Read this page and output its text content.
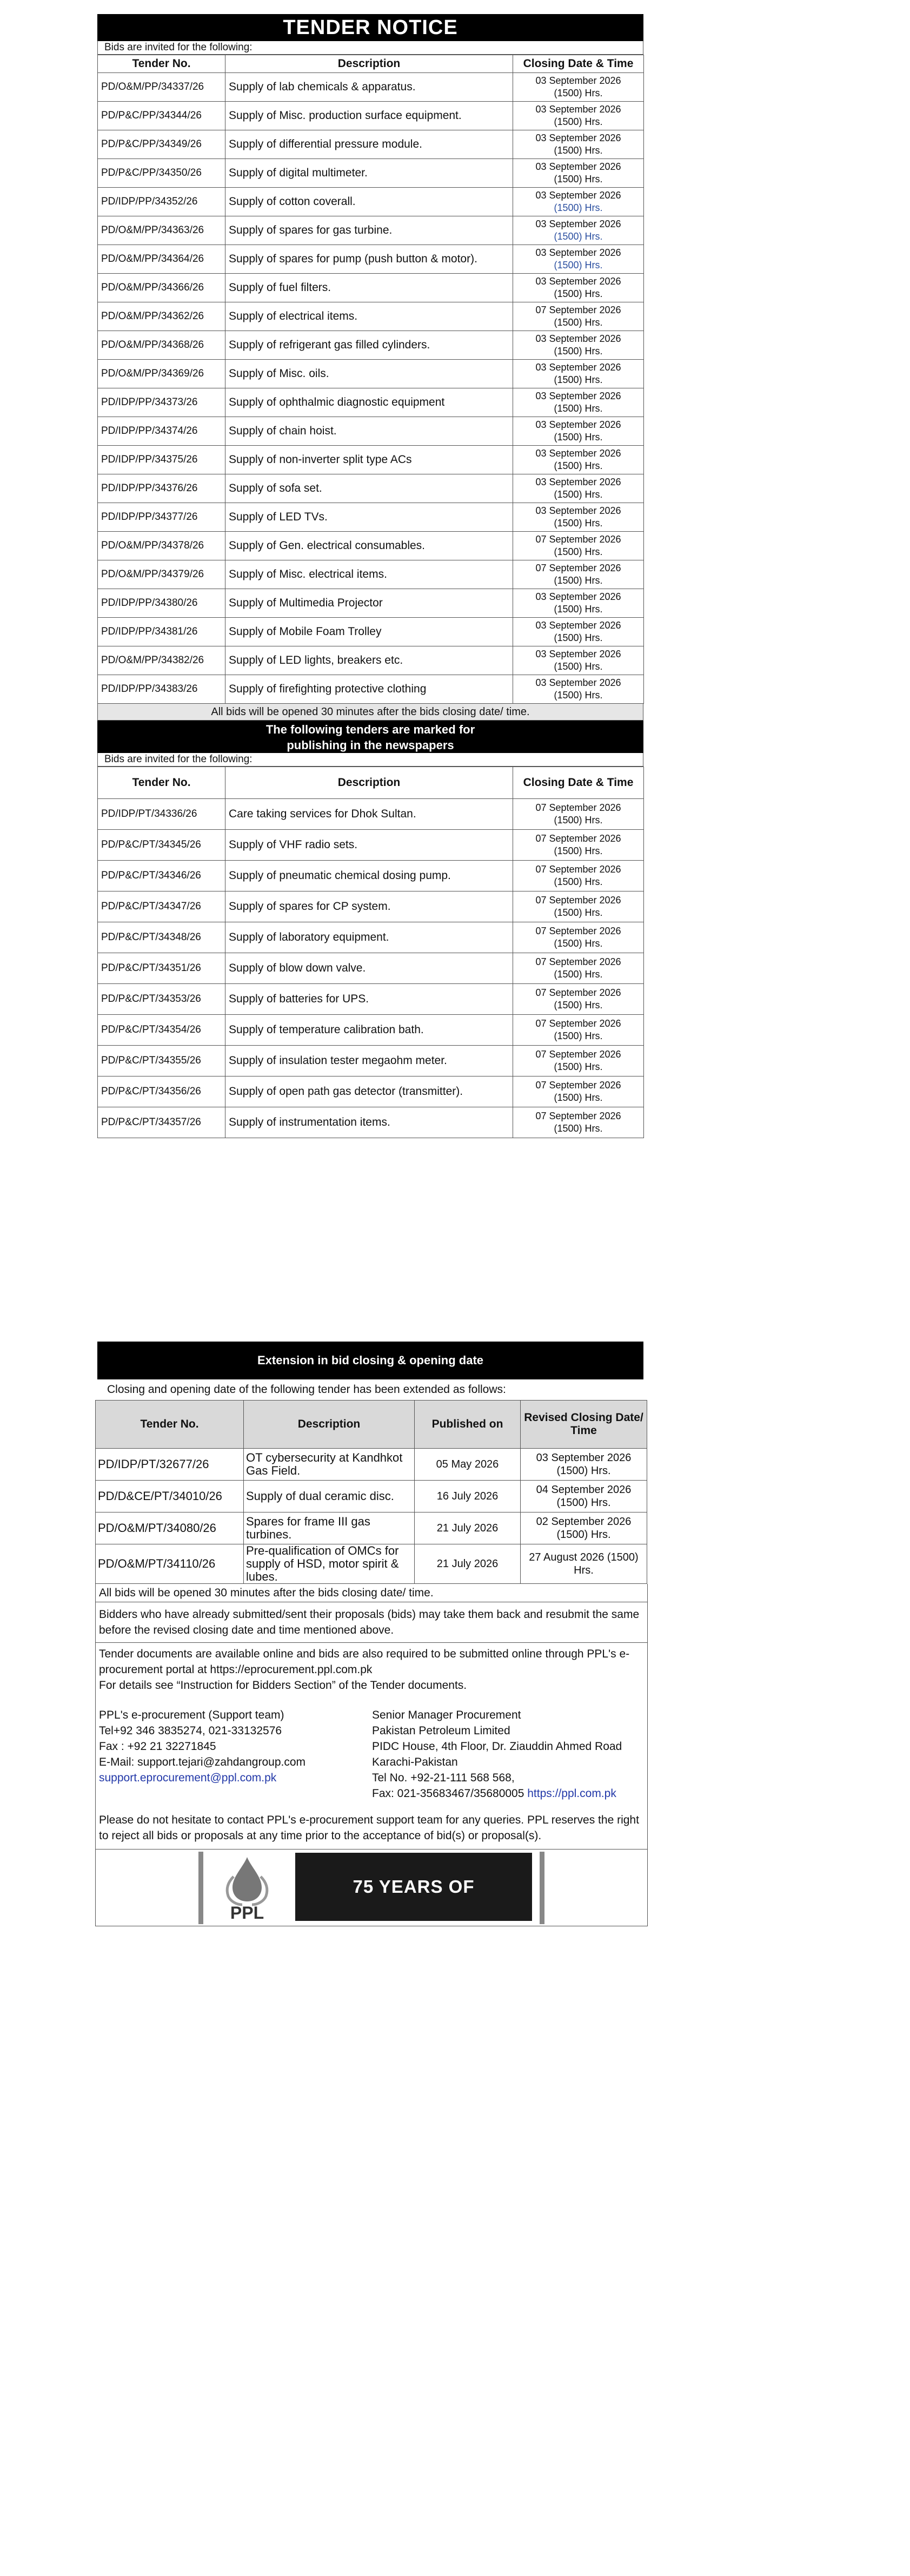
TENDER NOTICE
Bids are invited for the following:
Tender No.	Description	Closing Date & Time
PD/O&M/PP/34337/26	Supply of lab chemicals & apparatus.	03 September 2026
(1500) Hrs.

PD/P&C/PP/34344/26	Supply of Misc. production surface equipment.	03 September 2026
(1500) Hrs.

PD/P&C/PP/34349/26	Supply of differential pressure module.	03 September 2026
(1500) Hrs.

PD/P&C/PP/34350/26	Supply of digital multimeter.	03 September 2026
(1500) Hrs.

PD/IDP/PP/34352/26	Supply of cotton coverall.	03 September 2026
(1500) Hrs.

PD/O&M/PP/34363/26	Supply of spares for gas turbine.	03 September 2026
(1500) Hrs.

PD/O&M/PP/34364/26	Supply of spares for pump (push button & motor).	03 September 2026
(1500) Hrs.

PD/O&M/PP/34366/26	Supply of fuel filters.	03 September 2026
(1500) Hrs.

PD/O&M/PP/34362/26	Supply of electrical items.	07 September 2026
(1500) Hrs.

PD/O&M/PP/34368/26	Supply of refrigerant gas filled cylinders.	03 September 2026
(1500) Hrs.

PD/O&M/PP/34369/26	Supply of Misc. oils.	03 September 2026
(1500) Hrs.

PD/IDP/PP/34373/26	Supply of ophthalmic diagnostic equipment	03 September 2026
(1500) Hrs.

PD/IDP/PP/34374/26	Supply of chain hoist.	03 September 2026
(1500) Hrs.

PD/IDP/PP/34375/26	Supply of non-inverter split type ACs	03 September 2026
(1500) Hrs.

PD/IDP/PP/34376/26	Supply of sofa set.	03 September 2026
(1500) Hrs.

PD/IDP/PP/34377/26	Supply of LED TVs.	03 September 2026
(1500) Hrs.

PD/O&M/PP/34378/26	Supply of Gen. electrical consumables.	07 September 2026
(1500) Hrs.

PD/O&M/PP/34379/26	Supply of Misc. electrical items.	07 September 2026
(1500) Hrs.

PD/IDP/PP/34380/26	Supply of Multimedia Projector	03 September 2026
(1500) Hrs.

PD/IDP/PP/34381/26	Supply of Mobile Foam Trolley	03 September 2026
(1500) Hrs.

PD/O&M/PP/34382/26	Supply of LED lights, breakers etc.	03 September 2026
(1500) Hrs.

PD/IDP/PP/34383/26	Supply of firefighting protective clothing	03 September 2026
(1500) Hrs.
All bids will be opened 30 minutes after the bids closing date/ time.
The following tenders are marked for
publishing in the newspapers
Bids are invited for the following:
Tender No.	Description	Closing Date & Time
PD/IDP/PT/34336/26	Care taking services for Dhok Sultan.	07 September 2026
(1500) Hrs.

PD/P&C/PT/34345/26	Supply of VHF radio sets.	07 September 2026
(1500) Hrs.

PD/P&C/PT/34346/26	Supply of pneumatic chemical dosing pump.	07 September 2026
(1500) Hrs.

PD/P&C/PT/34347/26	Supply of spares for CP system.	07 September 2026
(1500) Hrs.

PD/P&C/PT/34348/26	Supply of laboratory equipment.	07 September 2026
(1500) Hrs.

PD/P&C/PT/34351/26	Supply of blow down valve.	07 September 2026
(1500) Hrs.

PD/P&C/PT/34353/26	Supply of batteries for UPS.	07 September 2026
(1500) Hrs.

PD/P&C/PT/34354/26	Supply of temperature calibration bath.	07 September 2026
(1500) Hrs.

PD/P&C/PT/34355/26	Supply of insulation tester megaohm meter.	07 September 2026
(1500) Hrs.

PD/P&C/PT/34356/26	Supply of open path gas detector (transmitter).	07 September 2026
(1500) Hrs.

PD/P&C/PT/34357/26	Supply of instrumentation items.	07 September 2026
(1500) Hrs.
Extension in bid closing & opening date
Closing and opening date of the following tender has been extended as follows:
Tender No.	Description	Published on	Revised Closing Date/ Time
PD/IDP/PT/32677/26	OT cybersecurity at Kandhkot Gas Field.	05 May 2026	03 September 2026 (1500) Hrs.
PD/D&CE/PT/34010/26	Supply of dual ceramic disc.	16 July 2026	04 September 2026 (1500) Hrs.
PD/O&M/PT/34080/26	Spares for frame III gas turbines.	21 July 2026	02 September 2026 (1500) Hrs.
PD/O&M/PT/34110/26	Pre-qualification of OMCs for supply of HSD, motor spirit & lubes.	21 July 2026	27 August 2026 (1500) Hrs.

All bids will be opened 30 minutes after the bids closing date/ time.

Bidders who have already submitted/sent their proposals (bids) may take them back and resubmit the same before the revised closing date and time mentioned above.

Tender documents are available online and bids are also required to be submitted online through PPL's e-procurement portal at https://eprocurement.ppl.com.pk

For details see “Instruction for Bidders Section” of the Tender documents.

PPL's e-procurement (Support team)

Tel+92 346 3835274, 021-33132576

Fax : +92 21 32271845

E-Mail: support.tejari@zahdangroup.com

support.eprocurement@ppl.com.pk

Senior Manager Procurement

Pakistan Petroleum Limited

PIDC House, 4th Floor, Dr. Ziauddin Ahmed Road

Karachi-Pakistan

Tel No. +92-21-111 568 568,

Fax: 021-35683467/35680005 https://ppl.com.pk

Please do not hesitate to contact PPL's e-procurement support team for any queries. PPL reserves the right to reject all bids or proposals at any time prior to the acceptance of bid(s) or proposal(s).

PPL
75 YEARS OF EXCELLENCE
